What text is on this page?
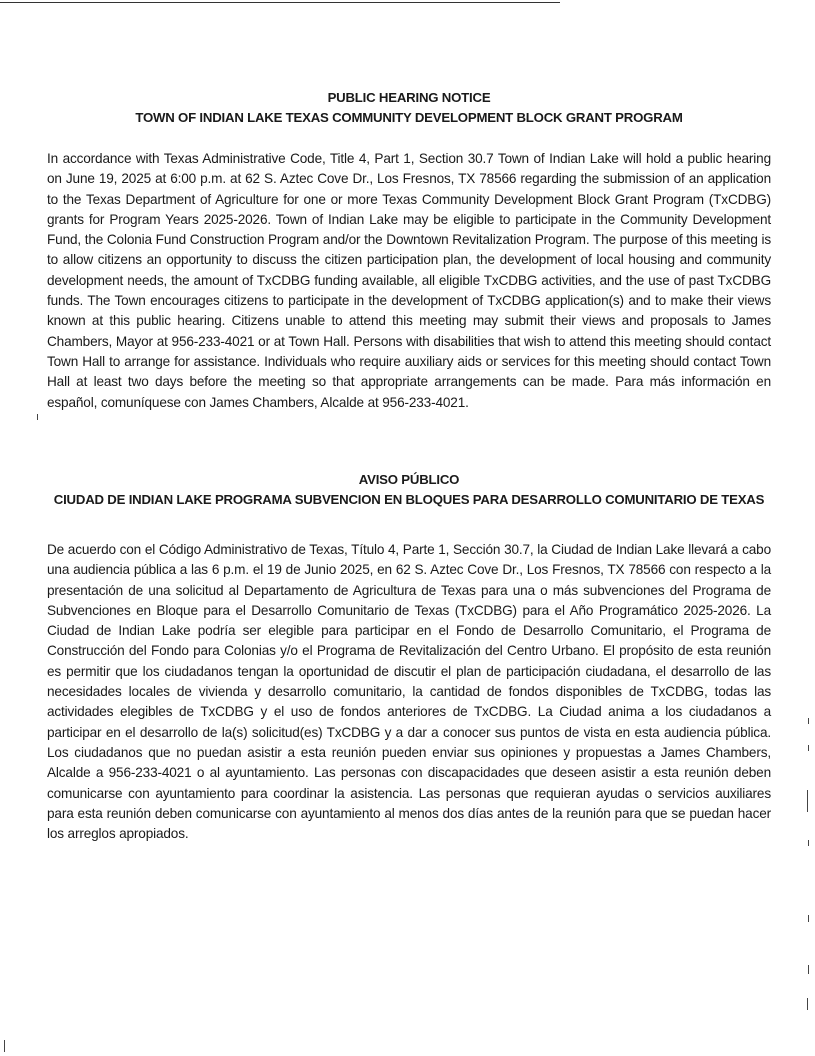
PUBLIC HEARING NOTICE
TOWN OF INDIAN LAKE TEXAS COMMUNITY DEVELOPMENT BLOCK GRANT PROGRAM
In accordance with Texas Administrative Code, Title 4, Part 1, Section 30.7 Town of Indian Lake will hold a public hearing on June 19, 2025 at 6:00 p.m. at 62 S. Aztec Cove Dr., Los Fresnos, TX 78566 regarding the submission of an application to the Texas Department of Agriculture for one or more Texas Community Development Block Grant Program (TxCDBG) grants for Program Years 2025-2026. Town of Indian Lake may be eligible to participate in the Community Development Fund, the Colonia Fund Construction Program and/or the Downtown Revitalization Program. The purpose of this meeting is to allow citizens an opportunity to discuss the citizen participation plan, the development of local housing and community development needs, the amount of TxCDBG funding available, all eligible TxCDBG activities, and the use of past TxCDBG funds. The Town encourages citizens to participate in the development of TxCDBG application(s) and to make their views known at this public hearing. Citizens unable to attend this meeting may submit their views and proposals to James Chambers, Mayor at 956-233-4021 or at Town Hall. Persons with disabilities that wish to attend this meeting should contact Town Hall to arrange for assistance. Individuals who require auxiliary aids or services for this meeting should contact Town Hall at least two days before the meeting so that appropriate arrangements can be made. Para más información en español, comuníquese con James Chambers, Alcalde at 956-233-4021.
AVISO PÚBLICO
CIUDAD DE INDIAN LAKE PROGRAMA SUBVENCION EN BLOQUES PARA DESARROLLO COMUNITARIO DE TEXAS
De acuerdo con el Código Administrativo de Texas, Título 4, Parte 1, Sección 30.7, la Ciudad de Indian Lake llevará a cabo una audiencia pública a las 6 p.m. el 19 de Junio 2025, en 62 S. Aztec Cove Dr., Los Fresnos, TX 78566 con respecto a la presentación de una solicitud al Departamento de Agricultura de Texas para una o más subvenciones del Programa de Subvenciones en Bloque para el Desarrollo Comunitario de Texas (TxCDBG) para el Año Programático 2025-2026. La Ciudad de Indian Lake podría ser elegible para participar en el Fondo de Desarrollo Comunitario, el Programa de Construcción del Fondo para Colonias y/o el Programa de Revitalización del Centro Urbano. El propósito de esta reunión es permitir que los ciudadanos tengan la oportunidad de discutir el plan de participación ciudadana, el desarrollo de las necesidades locales de vivienda y desarrollo comunitario, la cantidad de fondos disponibles de TxCDBG, todas las actividades elegibles de TxCDBG y el uso de fondos anteriores de TxCDBG. La Ciudad anima a los ciudadanos a participar en el desarrollo de la(s) solicitud(es) TxCDBG y a dar a conocer sus puntos de vista en esta audiencia pública. Los ciudadanos que no puedan asistir a esta reunión pueden enviar sus opiniones y propuestas a James Chambers, Alcalde a 956-233-4021 o al ayuntamiento. Las personas con discapacidades que deseen asistir a esta reunión deben comunicarse con ayuntamiento para coordinar la asistencia. Las personas que requieran ayudas o servicios auxiliares para esta reunión deben comunicarse con ayuntamiento al menos dos días antes de la reunión para que se puedan hacer los arreglos apropiados.
